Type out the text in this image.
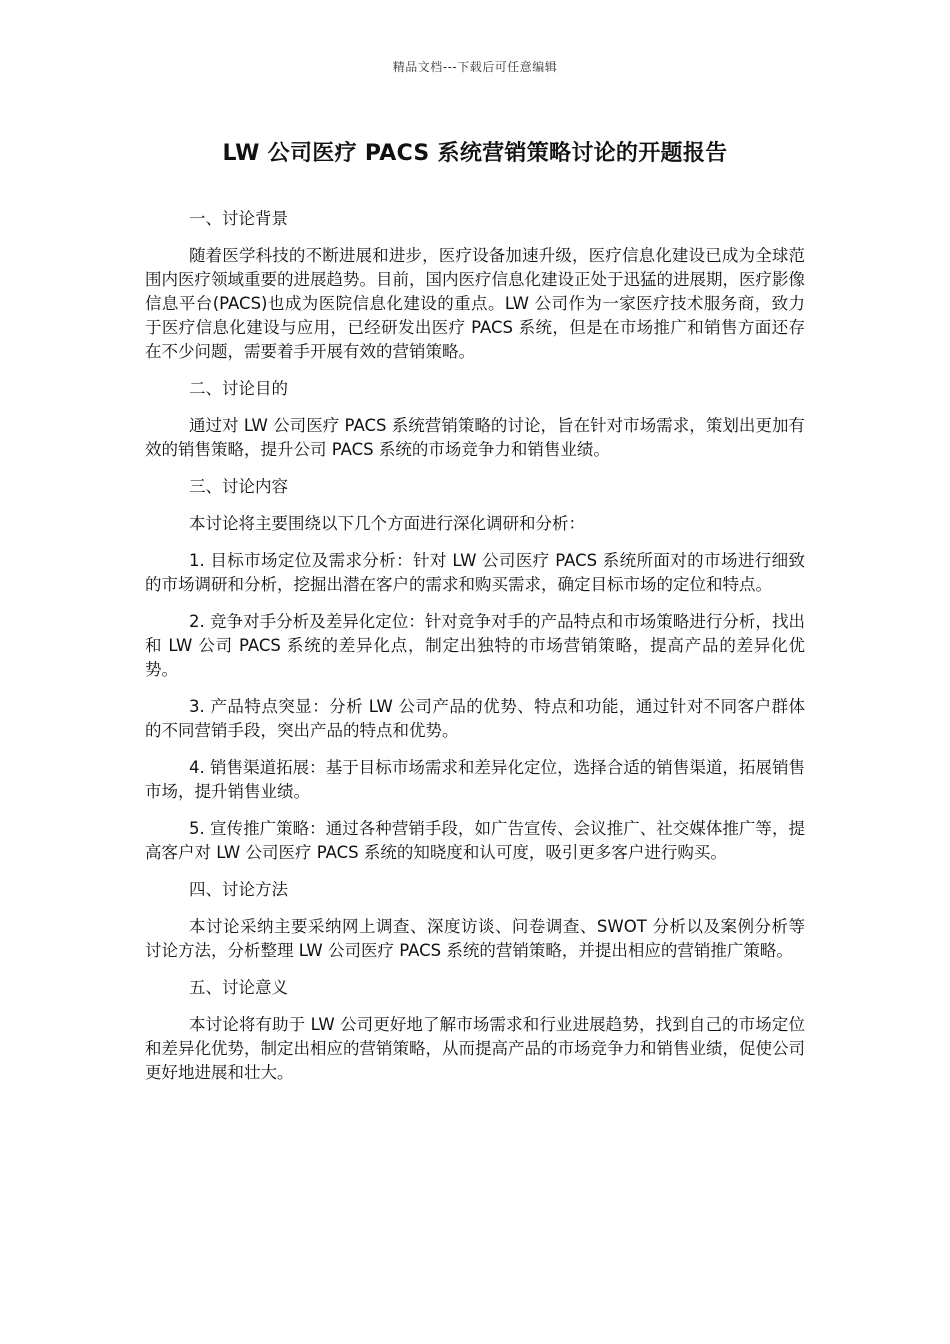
精品文档---下载后可任意编辑
LW 公司医疗 PACS 系统营销策略讨论的开题报告
一、讨论背景
随着医学科技的不断进展和进步，医疗设备加速升级，医疗信息化建设已成为全球范围内医疗领域重要的进展趋势。目前，国内医疗信息化建设正处于迅猛的进展期，医疗影像信息平台(PACS)也成为医院信息化建设的重点。LW 公司作为一家医疗技术服务商，致力于医疗信息化建设与应用，已经研发出医疗 PACS 系统，但是在市场推广和销售方面还存在不少问题，需要着手开展有效的营销策略。
二、讨论目的
通过对 LW 公司医疗 PACS 系统营销策略的讨论，旨在针对市场需求，策划出更加有效的销售策略，提升公司 PACS 系统的市场竞争力和销售业绩。
三、讨论内容
本讨论将主要围绕以下几个方面进行深化调研和分析：
1. 目标市场定位及需求分析：针对 LW 公司医疗 PACS 系统所面对的市场进行细致的市场调研和分析，挖掘出潜在客户的需求和购买需求，确定目标市场的定位和特点。
2. 竞争对手分析及差异化定位：针对竞争对手的产品特点和市场策略进行分析，找出和 LW 公司 PACS 系统的差异化点，制定出独特的市场营销策略，提高产品的差异化优势。
3. 产品特点突显：分析 LW 公司产品的优势、特点和功能，通过针对不同客户群体的不同营销手段，突出产品的特点和优势。
4. 销售渠道拓展：基于目标市场需求和差异化定位，选择合适的销售渠道，拓展销售市场，提升销售业绩。
5. 宣传推广策略：通过各种营销手段，如广告宣传、会议推广、社交媒体推广等，提高客户对 LW 公司医疗 PACS 系统的知晓度和认可度，吸引更多客户进行购买。
四、讨论方法
本讨论采纳主要采纳网上调查、深度访谈、问卷调查、SWOT 分析以及案例分析等讨论方法，分析整理 LW 公司医疗 PACS 系统的营销策略，并提出相应的营销推广策略。
五、讨论意义
本讨论将有助于 LW 公司更好地了解市场需求和行业进展趋势，找到自己的市场定位和差异化优势，制定出相应的营销策略，从而提高产品的市场竞争力和销售业绩，促使公司更好地进展和壮大。
